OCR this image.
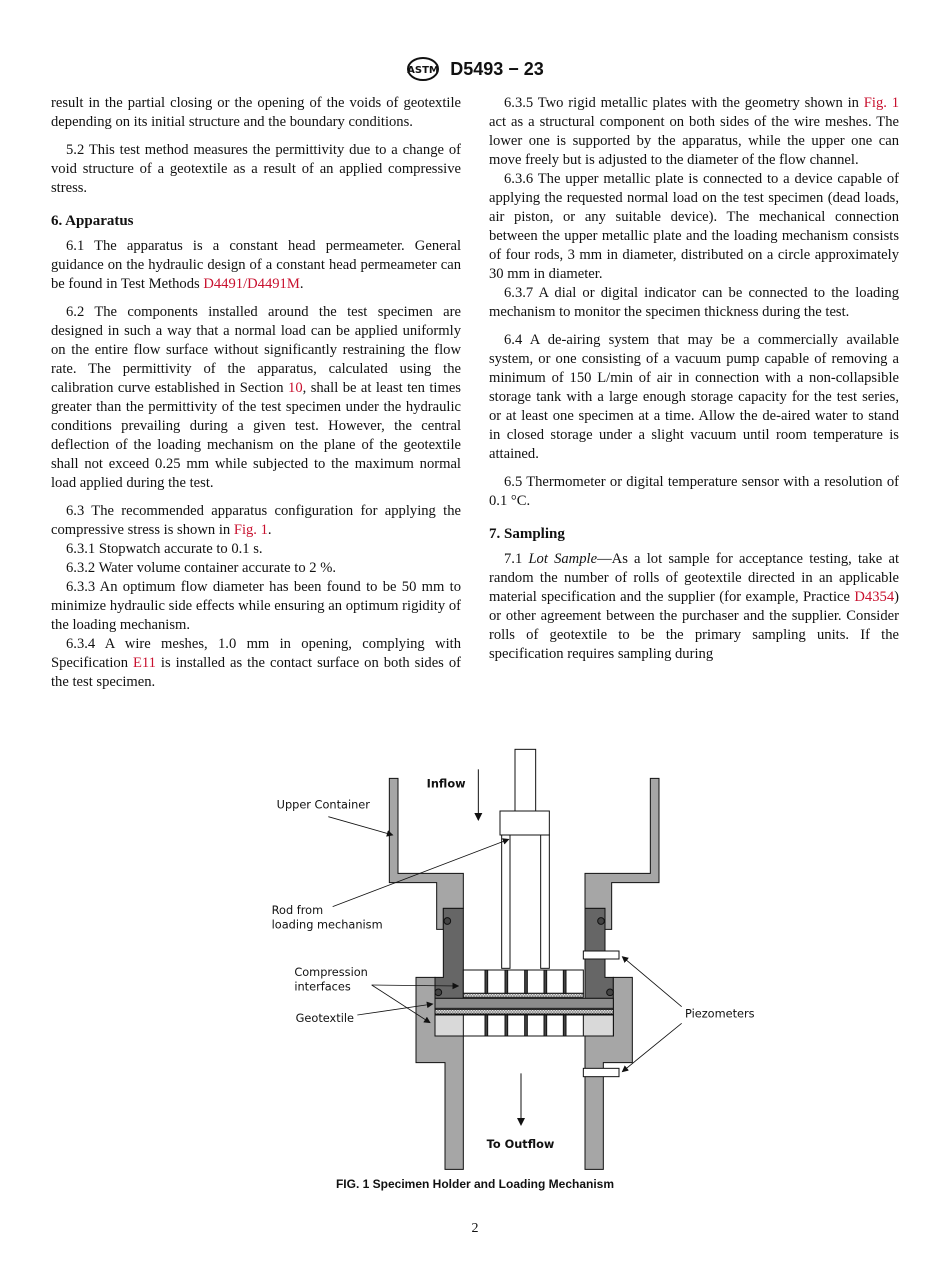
ASTM D5493 − 23

result in the partial closing or the opening of the voids of geotextile depending on its initial structure and the boundary conditions.

5.2 This test method measures the permittivity due to a change of void structure of a geotextile as a result of an applied compressive stress.

6. Apparatus

6.1 The apparatus is a constant head permeameter. General guidance on the hydraulic design of a constant head permeameter can be found in Test Methods D4491/D4491M.

6.2 The components installed around the test specimen are designed in such a way that a normal load can be applied uniformly on the entire flow surface without significantly restraining the flow rate. The permittivity of the apparatus, calculated using the calibration curve established in Section 10, shall be at least ten times greater than the permittivity of the test specimen under the hydraulic conditions prevailing during a given test. However, the central deflection of the loading mechanism on the plane of the geotextile shall not exceed 0.25 mm while subjected to the maximum normal load applied during the test.

6.3 The recommended apparatus configuration for applying the compressive stress is shown in Fig. 1.

6.3.1 Stopwatch accurate to 0.1 s.

6.3.2 Water volume container accurate to 2 %.

6.3.3 An optimum flow diameter has been found to be 50 mm to minimize hydraulic side effects while ensuring an optimum rigidity of the loading mechanism.

6.3.4 A wire meshes, 1.0 mm in opening, complying with Specification E11 is installed as the contact surface on both sides of the test specimen.

6.3.5 Two rigid metallic plates with the geometry shown in Fig. 1 act as a structural component on both sides of the wire meshes. The lower one is supported by the apparatus, while the upper one can move freely but is adjusted to the diameter of the flow channel.

6.3.6 The upper metallic plate is connected to a device capable of applying the requested normal load on the test specimen (dead loads, air piston, or any suitable device). The mechanical connection between the upper metallic plate and the loading mechanism consists of four rods, 3 mm in diameter, distributed on a circle approximately 30 mm in diameter.

6.3.7 A dial or digital indicator can be connected to the loading mechanism to monitor the specimen thickness during the test.

6.4 A de-airing system that may be a commercially available system, or one consisting of a vacuum pump capable of removing a minimum of 150 L/min of air in connection with a non-collapsible storage tank with a large enough storage capacity for the test series, or at least one specimen at a time. Allow the de-aired water to stand in closed storage under a slight vacuum until room temperature is attained.

6.5 Thermometer or digital temperature sensor with a resolution of 0.1 °C.

7. Sampling

7.1 Lot Sample—As a lot sample for acceptance testing, take at random the number of rolls of geotextile directed in an applicable material specification and the supplier (for example, Practice D4354) or other agreement between the purchaser and the supplier. Consider rolls of geotextile to be the primary sampling units. If the specification requires sampling during

Inflow
Upper Container
Rod from
loading mechanism
Compression
interfaces
Geotextile	Piezometers
To Outflow
FIG. 1 Specimen Holder and Loading Mechanism
2
